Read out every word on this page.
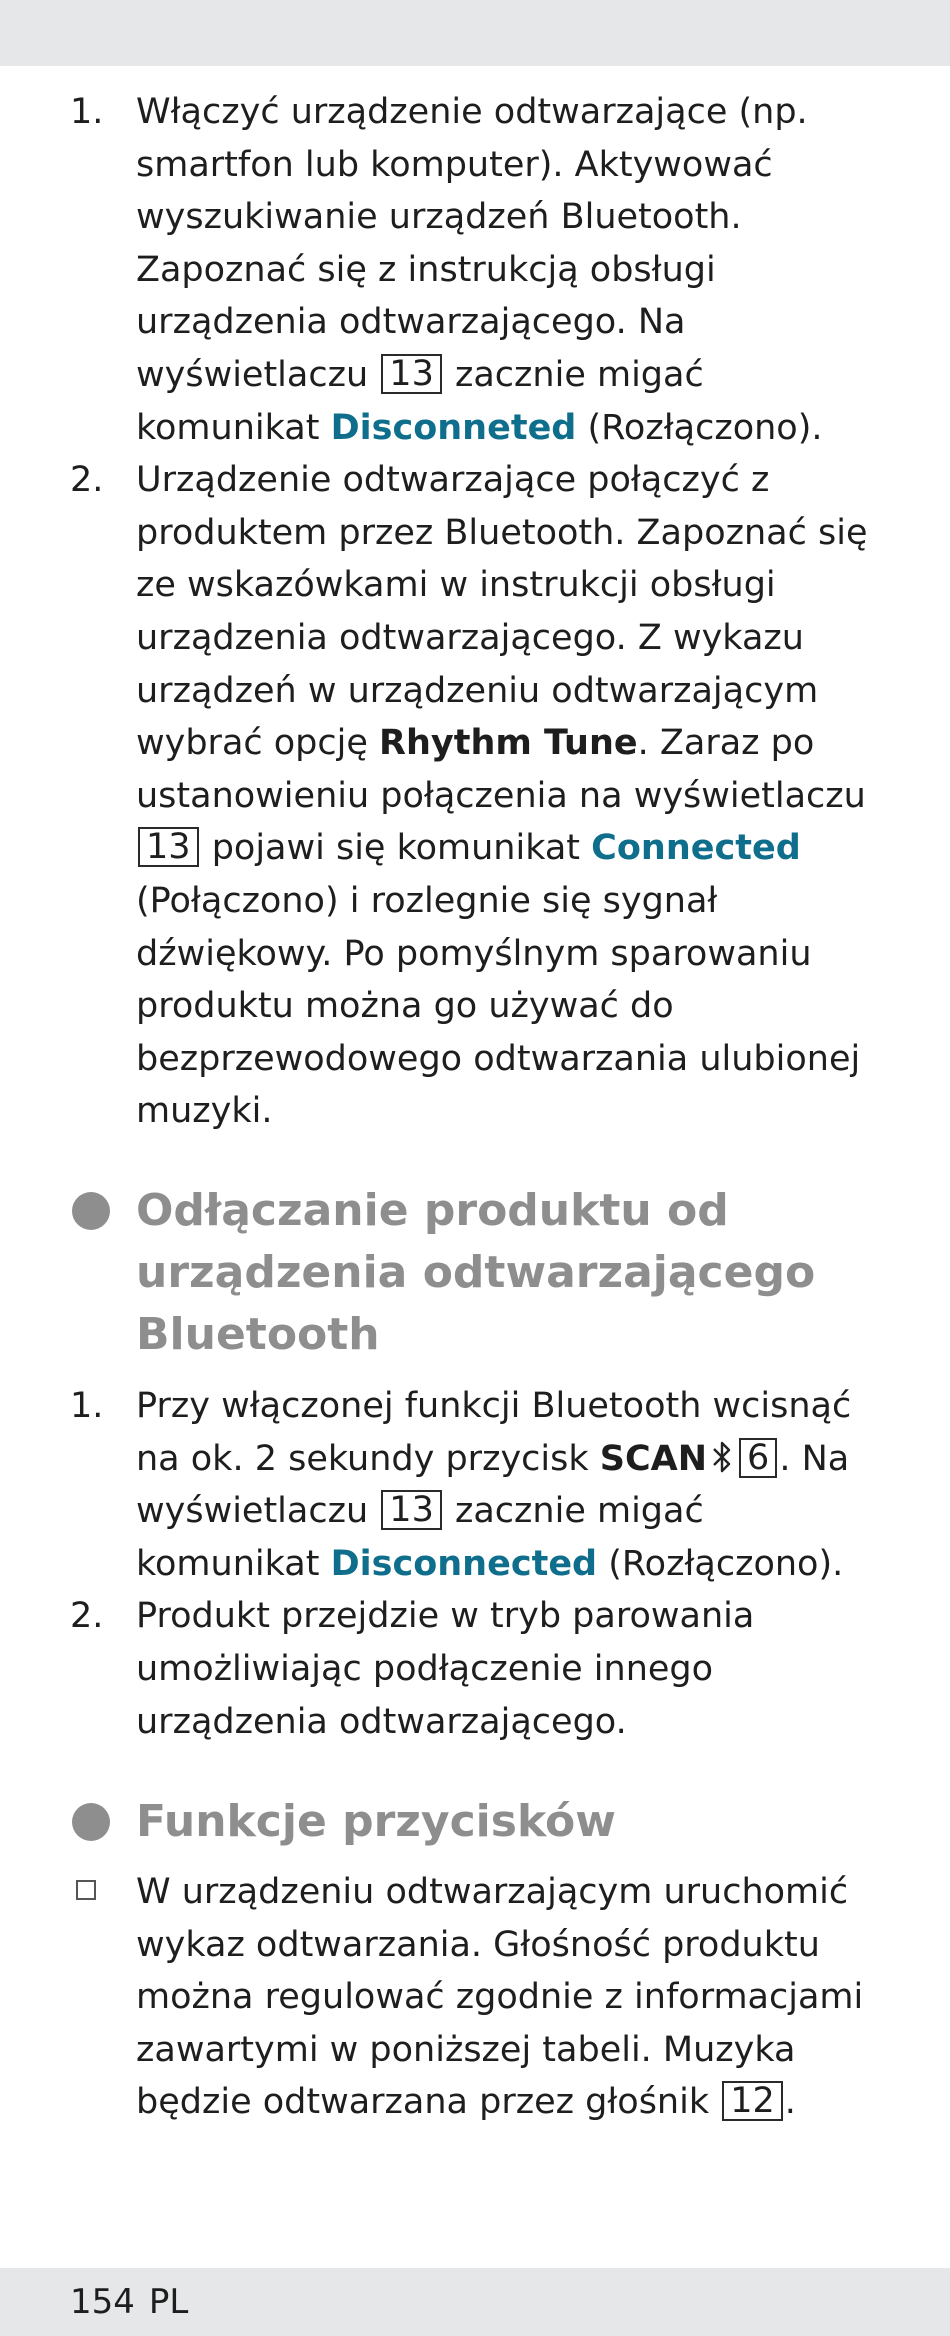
1. Włączyć urządzenie odtwarzające (np. smartfon lub komputer). Aktywować wyszukiwanie urządzeń Bluetooth. Zapoznać się z instrukcją obsługi urządzenia odtwarzającego. Na wyświetlaczu 13 zacznie migać komunikat Disconneted (Rozłączono).
2. Urządzenie odtwarzające połączyć z produktem przez Bluetooth. Zapoznać się ze wskazówkami w instrukcji obsługi urządzenia odtwarzającego. Z wykazu urządzeń w urządzeniu odtwarzającym wybrać opcję Rhythm Tune. Zaraz po ustanowieniu połączenia na wyświetlaczu 13 pojawi się komunikat Connected (Połączono) i rozlegnie się sygnał dźwiękowy. Po pomyślnym sparowaniu produktu można go używać do bezprzewodowego odtwarzania ulubionej muzyki.
Odłączanie produktu od urządzenia odtwarzającego Bluetooth
1. Przy włączonej funkcji Bluetooth wcisnąć na ok. 2 sekundy przycisk SCAN 6 . Na wyświetlaczu 13 zacznie migać komunikat Disconnected (Rozłączono).
2. Produkt przejdzie w tryb parowania umożliwiając podłączenie innego urządzenia odtwarzającego.
Funkcje przycisków
W urządzeniu odtwarzającym uruchomić wykaz odtwarzania. Głośność produktu można regulować zgodnie z informacjami zawartymi w poniższej tabeli. Muzyka będzie odtwarzana przez głośnik 12 .
154 PL
